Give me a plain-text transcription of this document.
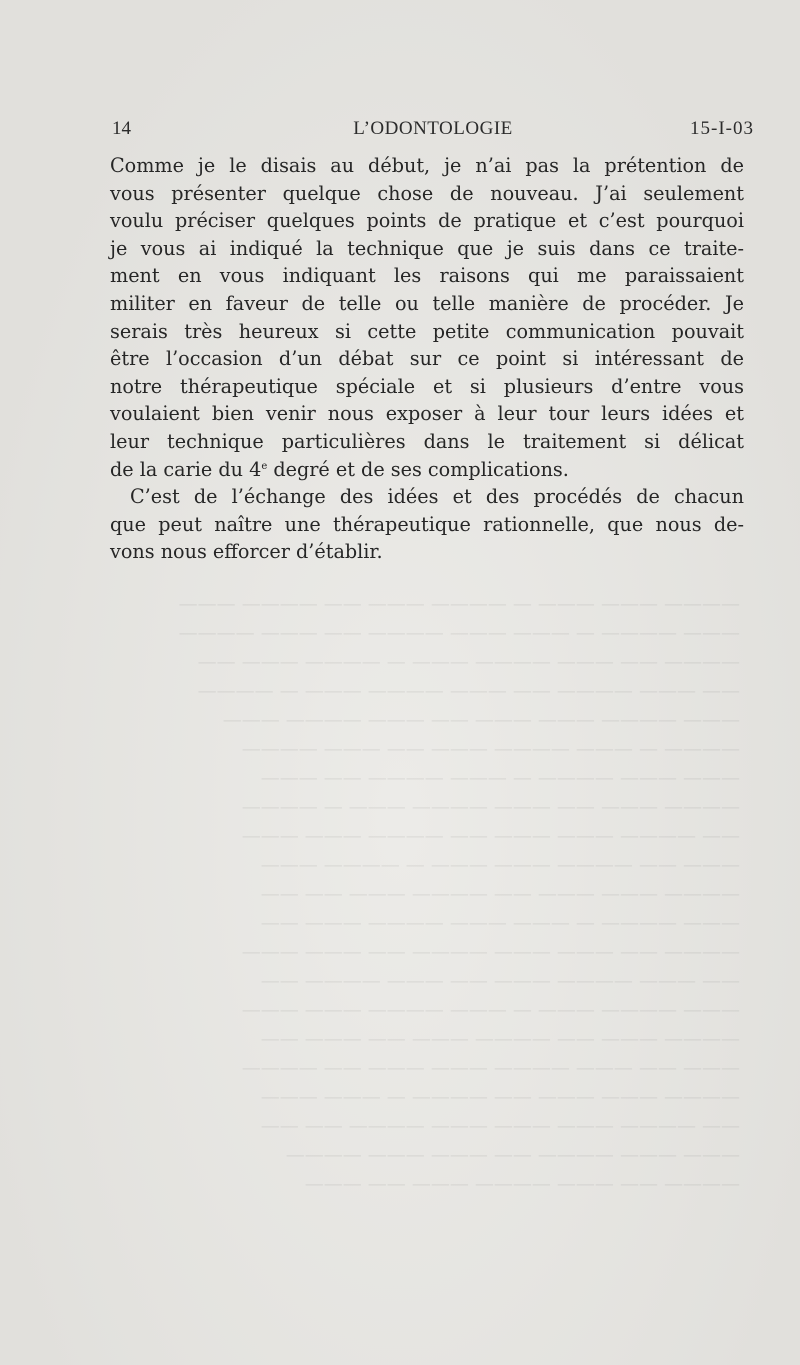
14	L’ODONTOLOGIE	15-I-03
Comme je le disais au début, je n’ai pas la prétention de
vous présenter quelque chose de nouveau. J’ai seulement
voulu préciser quelques points de pratique et c’est pourquoi
je vous ai indiqué la technique que je suis dans ce traite-
ment en vous indiquant les raisons qui me paraissaient
militer en faveur de telle ou telle manière de procéder. Je
serais très heureux si cette petite communication pouvait
être l’occasion d’un débat sur ce point si intéressant de
notre thérapeutique spéciale et si plusieurs d’entre vous
voulaient bien venir nous exposer à leur tour leurs idées et
leur technique particulières dans le traitement si délicat
de la carie du 4e degré et de ses complications.
C’est de l’échange des idées et des procédés de chacun
que peut naître une thérapeutique rationnelle, que nous de-
vons nous efforcer d’établir.
———— ——— ——— — ———— ——— —— ———— ———
——— ———— — ——— ——— ———— —— ——— ————
———— —— ——— ———— ——— — ———— ——— ——
—— ——— ———— —— ——— ———— ——— — ————
——— ———— ——— ——— —— ——— ———— ———
———— — ——— ———— ——— —— ——— ————
——— ——— ———— — ——— ———— —— ———
———— ——— —— ——— ———— ——— — ————
—— ———— ——— ——— —— ———— ——— ———
——— —— ———— ——— ——— — ———— ———
———— ——— ——— —— ———— ——— —— ——
——— ———— — ——— ——— ———— ——— ——
———— —— ——— ——— ———— —— ——— ———
—— ——— ———— ——— —— ——— ———— ——
——— ———— ——— — ——— ———— ——— ———
———— ——— —— ———— ——— —— ——— ——
——— —— ——— ———— ——— ——— —— ————
———— ——— ——— —— ———— — ——— ———
—— ———— ——— ——— ——— ———— —— ——
——— ——— ———— —— ——— ——— ————
———— —— ——— ———— ——— —— ———
